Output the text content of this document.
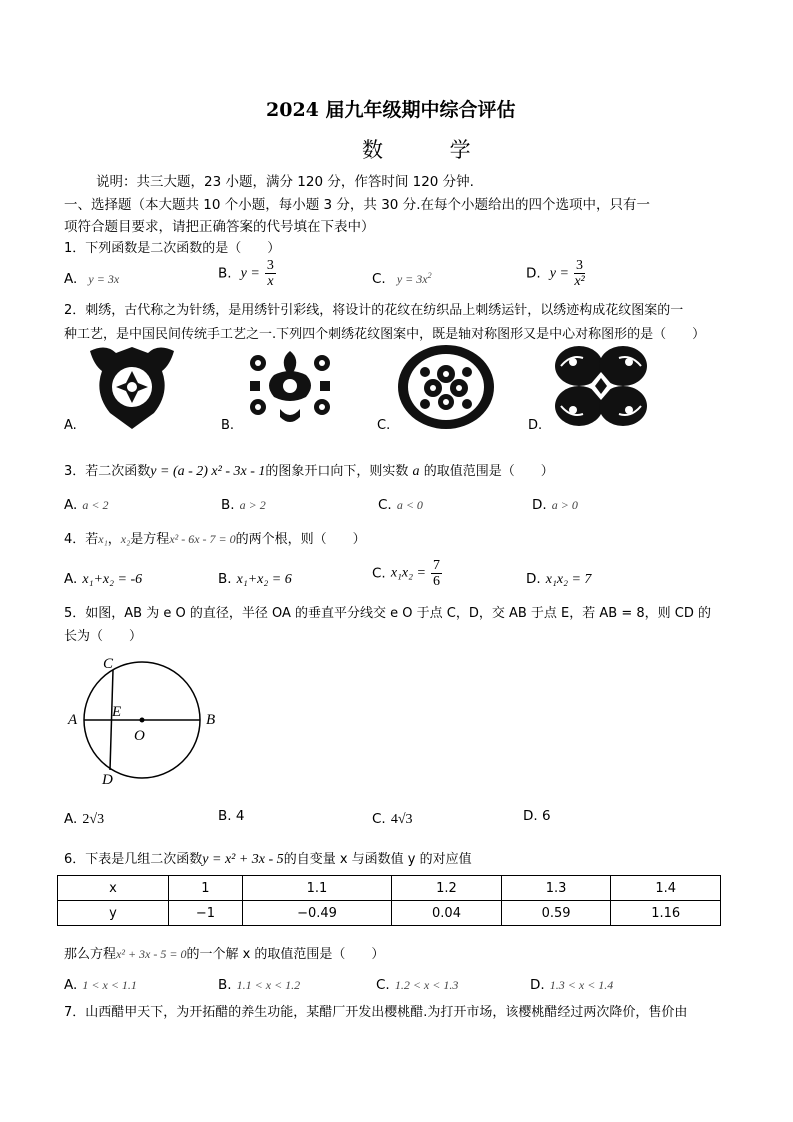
2024 届九年级期中综合评估
数 学
说明：共三大题，23 小题，满分 120 分，作答时间 120 分钟.
一、选择题（本大题共 10 个小题，每小题 3 分，共 30 分.在每个小题给出的四个选项中，只有一
项符合题目要求，请把正确答案的代号填在下表中）
1．下列函数是二次函数的是（　　）
A. y = 3x	B. $y = \frac{3}{x}$	C. $y = 3x^2$	D. $y = \frac{3}{\text{x²}}$
2．刺绣，古代称之为针绣，是用绣针引彩线，将设计的花纹在纺织品上刺绣运针，以绣迹构成花纹图案的一
种工艺，是中国民间传统手工艺之一.下列四个刺绣花纹图案中，既是轴对称图形又是中心对称图形的是（　　）
A.	B.	C.	D.
3．若二次函数y = (a - 2) x² - 3x - 1的图象开口向下，则实数 a 的取值范围是（　　）
A. a < 2	B. a > 2	C. a < 0	D. a > 0
4．若x₁，x₂是方程x² - 6x - 7 = 0的两个根，则（　　）
A. x₁+x₂ = -6	B. x₁+x₂ = 6	C. $x_1x_2 = \frac{7}{6}$	D. x₁x₂ = 7
5．如图，AB 为 e O 的直径，半径 OA 的垂直平分线交 e O 于点 C，D，交 AB 于点 E，若 AB = 8，则 CD 的
长为（　　）
C
E
A
O
B
D
A. 2√3	B. 4	C. 4√3	D. 6
6．下表是几组二次函数y = x² + 3x - 5的自变量 x 与函数值 y 的对应值
x	1	1.1	1.2	1.3	1.4
y	−1	−0.49	0.04	0.59	1.16
那么方程x² + 3x - 5 = 0的一个解 x 的取值范围是（　　）
A. 1 < x < 1.1	B. 1.1 < x < 1.2	C. 1.2 < x < 1.3	D. 1.3 < x < 1.4
7．山西醋甲天下，为开拓醋的养生功能，某醋厂开发出樱桃醋.为打开市场，该樱桃醋经过两次降价，售价由
